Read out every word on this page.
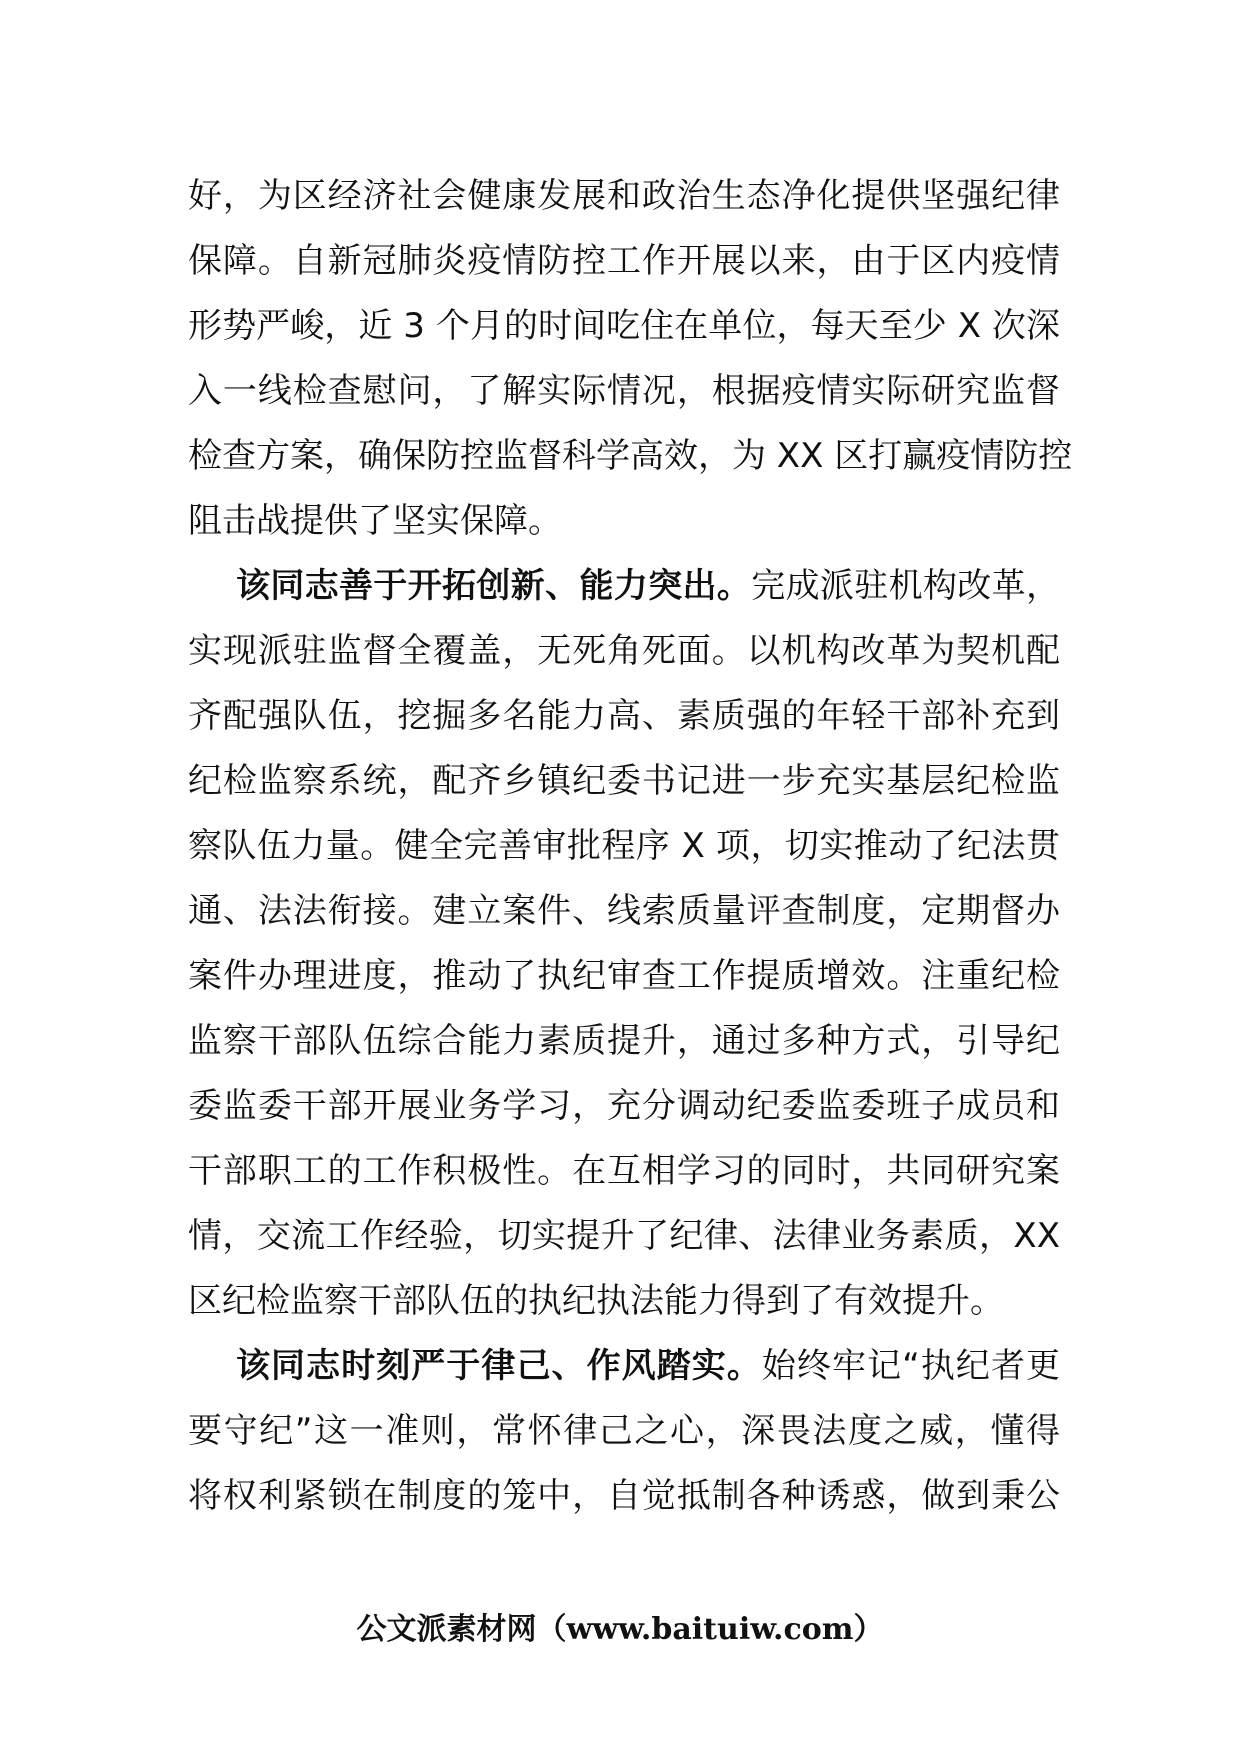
好，为区经济社会健康发展和政治生态净化提供坚强纪律
保障。自新冠肺炎疫情防控工作开展以来，由于区内疫情
形势严峻，近 3 个月的时间吃住在单位，每天至少 X 次深
入一线检查慰问，了解实际情况，根据疫情实际研究监督
检查方案，确保防控监督科学高效，为 XX 区打赢疫情防控
阻击战提供了坚实保障。
该同志善于开拓创新、能力突出。完成派驻机构改革，
实现派驻监督全覆盖，无死角死面。以机构改革为契机配
齐配强队伍，挖掘多名能力高、素质强的年轻干部补充到
纪检监察系统，配齐乡镇纪委书记进一步充实基层纪检监
察队伍力量。健全完善审批程序 X 项，切实推动了纪法贯
通、法法衔接。建立案件、线索质量评查制度，定期督办
案件办理进度，推动了执纪审查工作提质增效。注重纪检
监察干部队伍综合能力素质提升，通过多种方式，引导纪
委监委干部开展业务学习，充分调动纪委监委班子成员和
干部职工的工作积极性。在互相学习的同时，共同研究案
情，交流工作经验，切实提升了纪律、法律业务素质，XX
区纪检监察干部队伍的执纪执法能力得到了有效提升。
该同志时刻严于律己、作风踏实。始终牢记“执纪者更
要守纪”这一准则，常怀律己之心，深畏法度之威，懂得
将权利紧锁在制度的笼中，自觉抵制各种诱惑，做到秉公
公文派素材网（www.baituiw.com）
